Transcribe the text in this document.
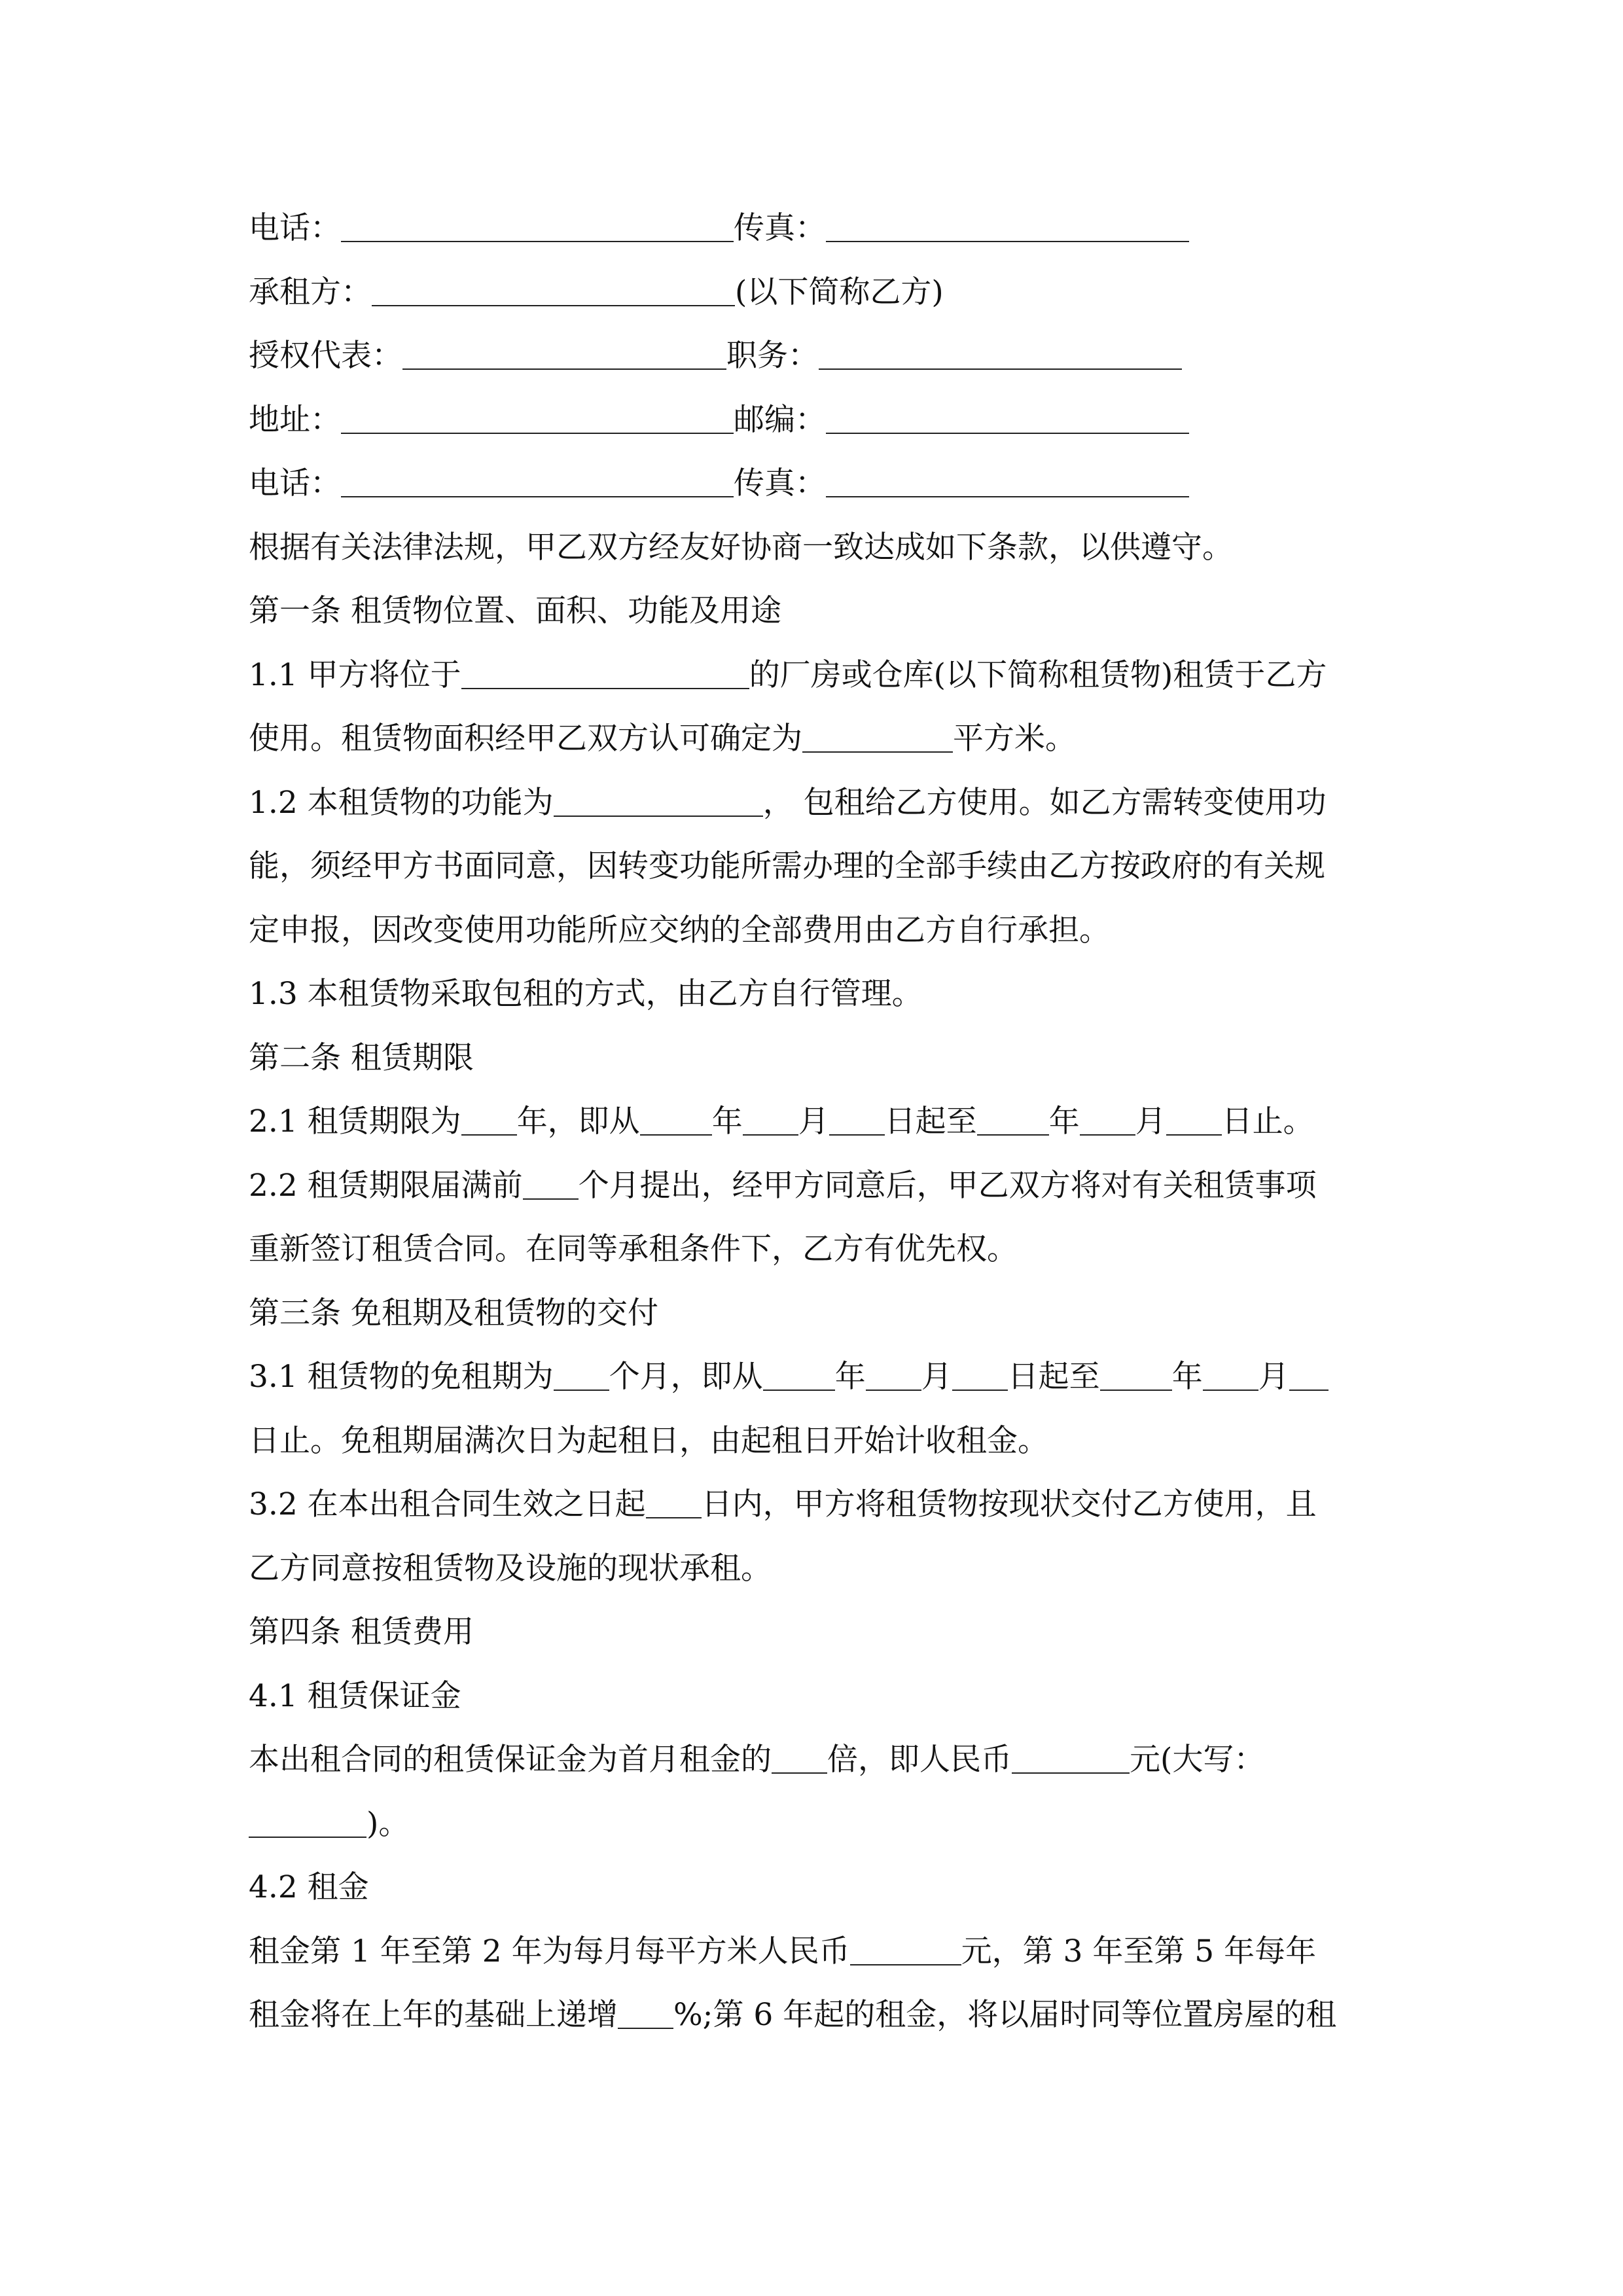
电话：	传真：
承租方：	(以下简称乙方)
授权代表：	职务：
地址：	邮编：
电话：	传真：
根据有关法律法规，甲乙双方经友好协商一致达成如下条款，以供遵守。
第一条 租赁物位置、面积、功能及用途
1.1 甲方将位于	的厂房或仓库(以下简称租赁物)租赁于乙方
使用。租赁物面积经甲乙双方认可确定为	平方米。
1.2 本租赁物的功能为	， 包租给乙方使用。如乙方需转变使用功
能，须经甲方书面同意，因转变功能所需办理的全部手续由乙方按政府的有关规
定申报，因改变使用功能所应交纳的全部费用由乙方自行承担。
1.3 本租赁物采取包租的方式，由乙方自行管理。
第二条 租赁期限
2.1 租赁期限为 年，即从 年 月 日起至 年 月 日止。
2.2 租赁期限届满前 个月提出，经甲方同意后，甲乙双方将对有关租赁事项
重新签订租赁合同。在同等承租条件下，乙方有优先权。
第三条 免租期及租赁物的交付
3.1 租赁物的免租期为 个月，即从 年 月 日起至 年 月
日止。免租期届满次日为起租日，由起租日开始计收租金。
3.2 在本出租合同生效之日起 日内，甲方将租赁物按现状交付乙方使用，且
乙方同意按租赁物及设施的现状承租。
第四条 租赁费用
4.1 租赁保证金
本出租合同的租赁保证金为首月租金的 倍，即人民币	元(大写：
)。
4.2 租金
租金第 1 年至第 2 年为每月每平方米人民币	元，第 3 年至第 5 年每年
租金将在上年的基础上递增 %;第 6 年起的租金，将以届时同等位置房屋的租
